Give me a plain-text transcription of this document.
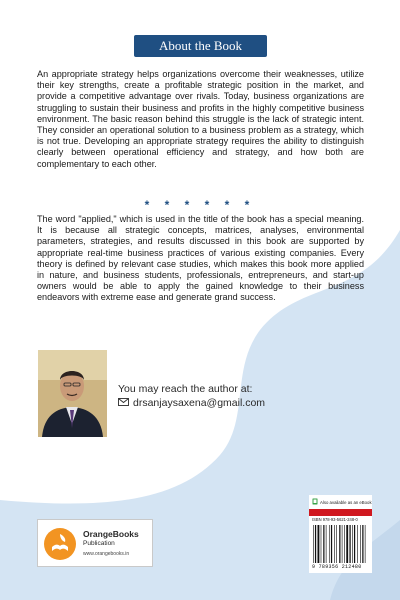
About the Book

An appropriate strategy helps organizations overcome their weaknesses, utilize their key strengths, create a profitable strategic position in the market, and provide a competitive advantage over rivals. Today, business organizations are struggling to sustain their business and profits in the highly competitive business environment. The basic reason behind this struggle is the lack of strategic intent. They consider an operational solution to a business problem as a strategy, which is not true. Developing an appropriate strategy requires the ability to distinguish clearly between operational efficiency and strategy, and how both are complementary to each other.

* * * * * *

The word "applied," which is used in the title of the book has a special meaning. It is because all strategic concepts, matrices, analyses, environmental parameters, strategies, and results discussed in this book are supported by appropriate real-time business practices of various existing companies. Every theory is defined by relevant case studies, which makes this book more applied in nature, and business students, professionals, entrepreneurs, and start-up owners would be able to apply the gained knowledge to their business endeavors with extreme ease and generate grand success.

You may reach the author at:
drsanjaysaxena@gmail.com
Also available as an eBook
ISBN 978-93-5621-248-0
9 789356 212480
OrangeBooks
Publication
www.orangebooks.in
